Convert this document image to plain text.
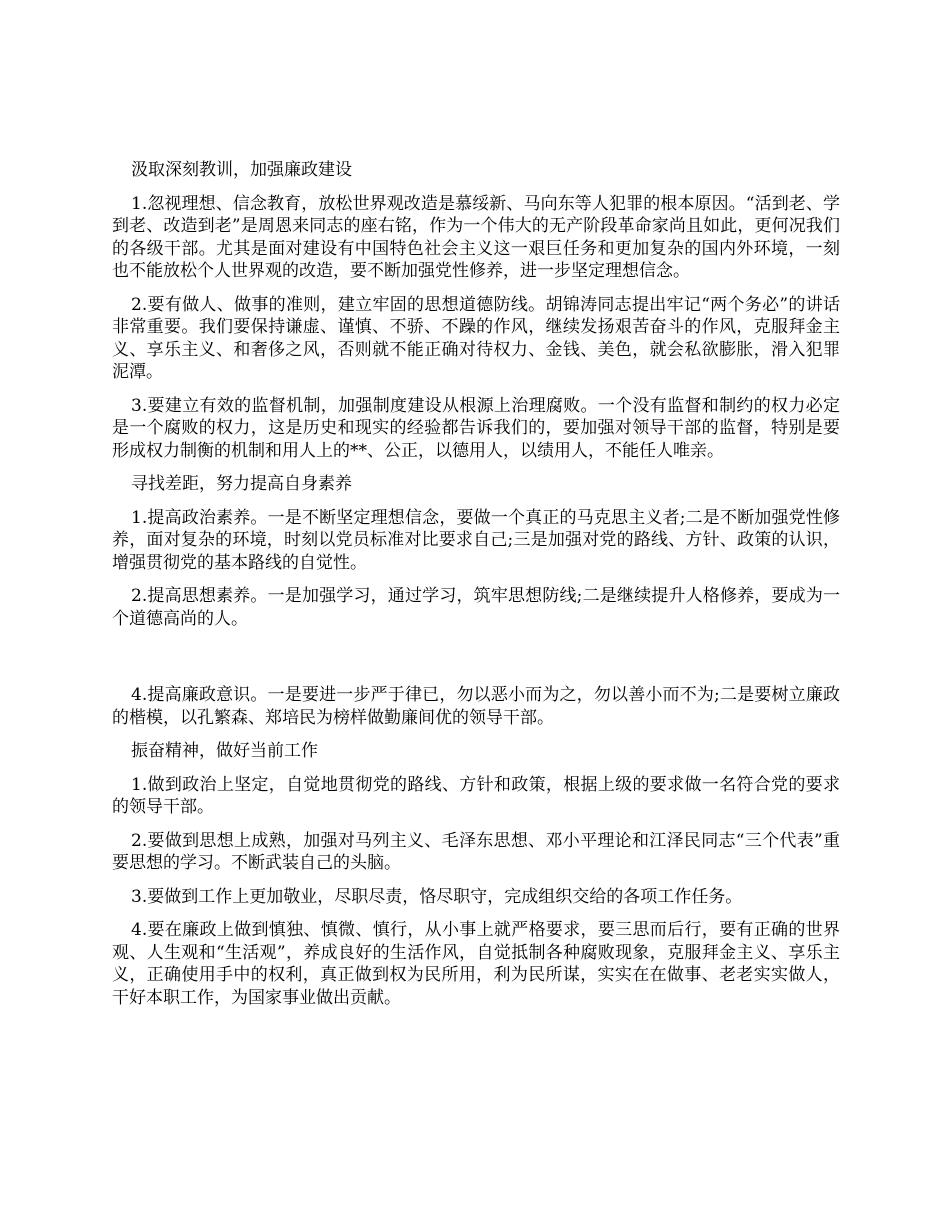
汲取深刻教训，加强廉政建设

1.忽视理想、信念教育，放松世界观改造是慕绥新、马向东等人犯罪的根本原因。“活到老、学到老、改造到老”是周恩来同志的座右铭，作为一个伟大的无产阶段革命家尚且如此，更何况我们的各级干部。尤其是面对建设有中国特色社会主义这一艰巨任务和更加复杂的国内外环境，一刻也不能放松个人世界观的改造，要不断加强党性修养，进一步坚定理想信念。

2.要有做人、做事的准则，建立牢固的思想道德防线。胡锦涛同志提出牢记“两个务必”的讲话非常重要。我们要保持谦虚、谨慎、不骄、不躁的作风，继续发扬艰苦奋斗的作风，克服拜金主义、享乐主义、和奢侈之风，否则就不能正确对待权力、金钱、美色，就会私欲膨胀，滑入犯罪泥潭。

3.要建立有效的监督机制，加强制度建设从根源上治理腐败。一个没有监督和制约的权力必定是一个腐败的权力，这是历史和现实的经验都告诉我们的，要加强对领导干部的监督，特别是要形成权力制衡的机制和用人上的**、公正，以德用人，以绩用人，不能任人唯亲。

寻找差距，努力提高自身素养

1.提高政治素养。一是不断坚定理想信念，要做一个真正的马克思主义者;二是不断加强党性修养，面对复杂的环境，时刻以党员标准对比要求自己;三是加强对党的路线、方针、政策的认识，增强贯彻党的基本路线的自觉性。

2.提高思想素养。一是加强学习，通过学习，筑牢思想防线;二是继续提升人格修养，要成为一个道德高尚的人。

4.提高廉政意识。一是要进一步严于律已，勿以恶小而为之，勿以善小而不为;二是要树立廉政的楷模，以孔繁森、郑培民为榜样做勤廉间优的领导干部。

振奋精神，做好当前工作

1.做到政治上坚定，自觉地贯彻党的路线、方针和政策，根据上级的要求做一名符合党的要求的领导干部。

2.要做到思想上成熟，加强对马列主义、毛泽东思想、邓小平理论和江泽民同志“三个代表”重要思想的学习。不断武装自己的头脑。

3.要做到工作上更加敬业，尽职尽责，恪尽职守，完成组织交给的各项工作任务。

4.要在廉政上做到慎独、慎微、慎行，从小事上就严格要求，要三思而后行，要有正确的世界观、人生观和“生活观”，养成良好的生活作风，自觉抵制各种腐败现象，克服拜金主义、享乐主义，正确使用手中的权利，真正做到权为民所用，利为民所谋，实实在在做事、老老实实做人，干好本职工作，为国家事业做出贡献。
